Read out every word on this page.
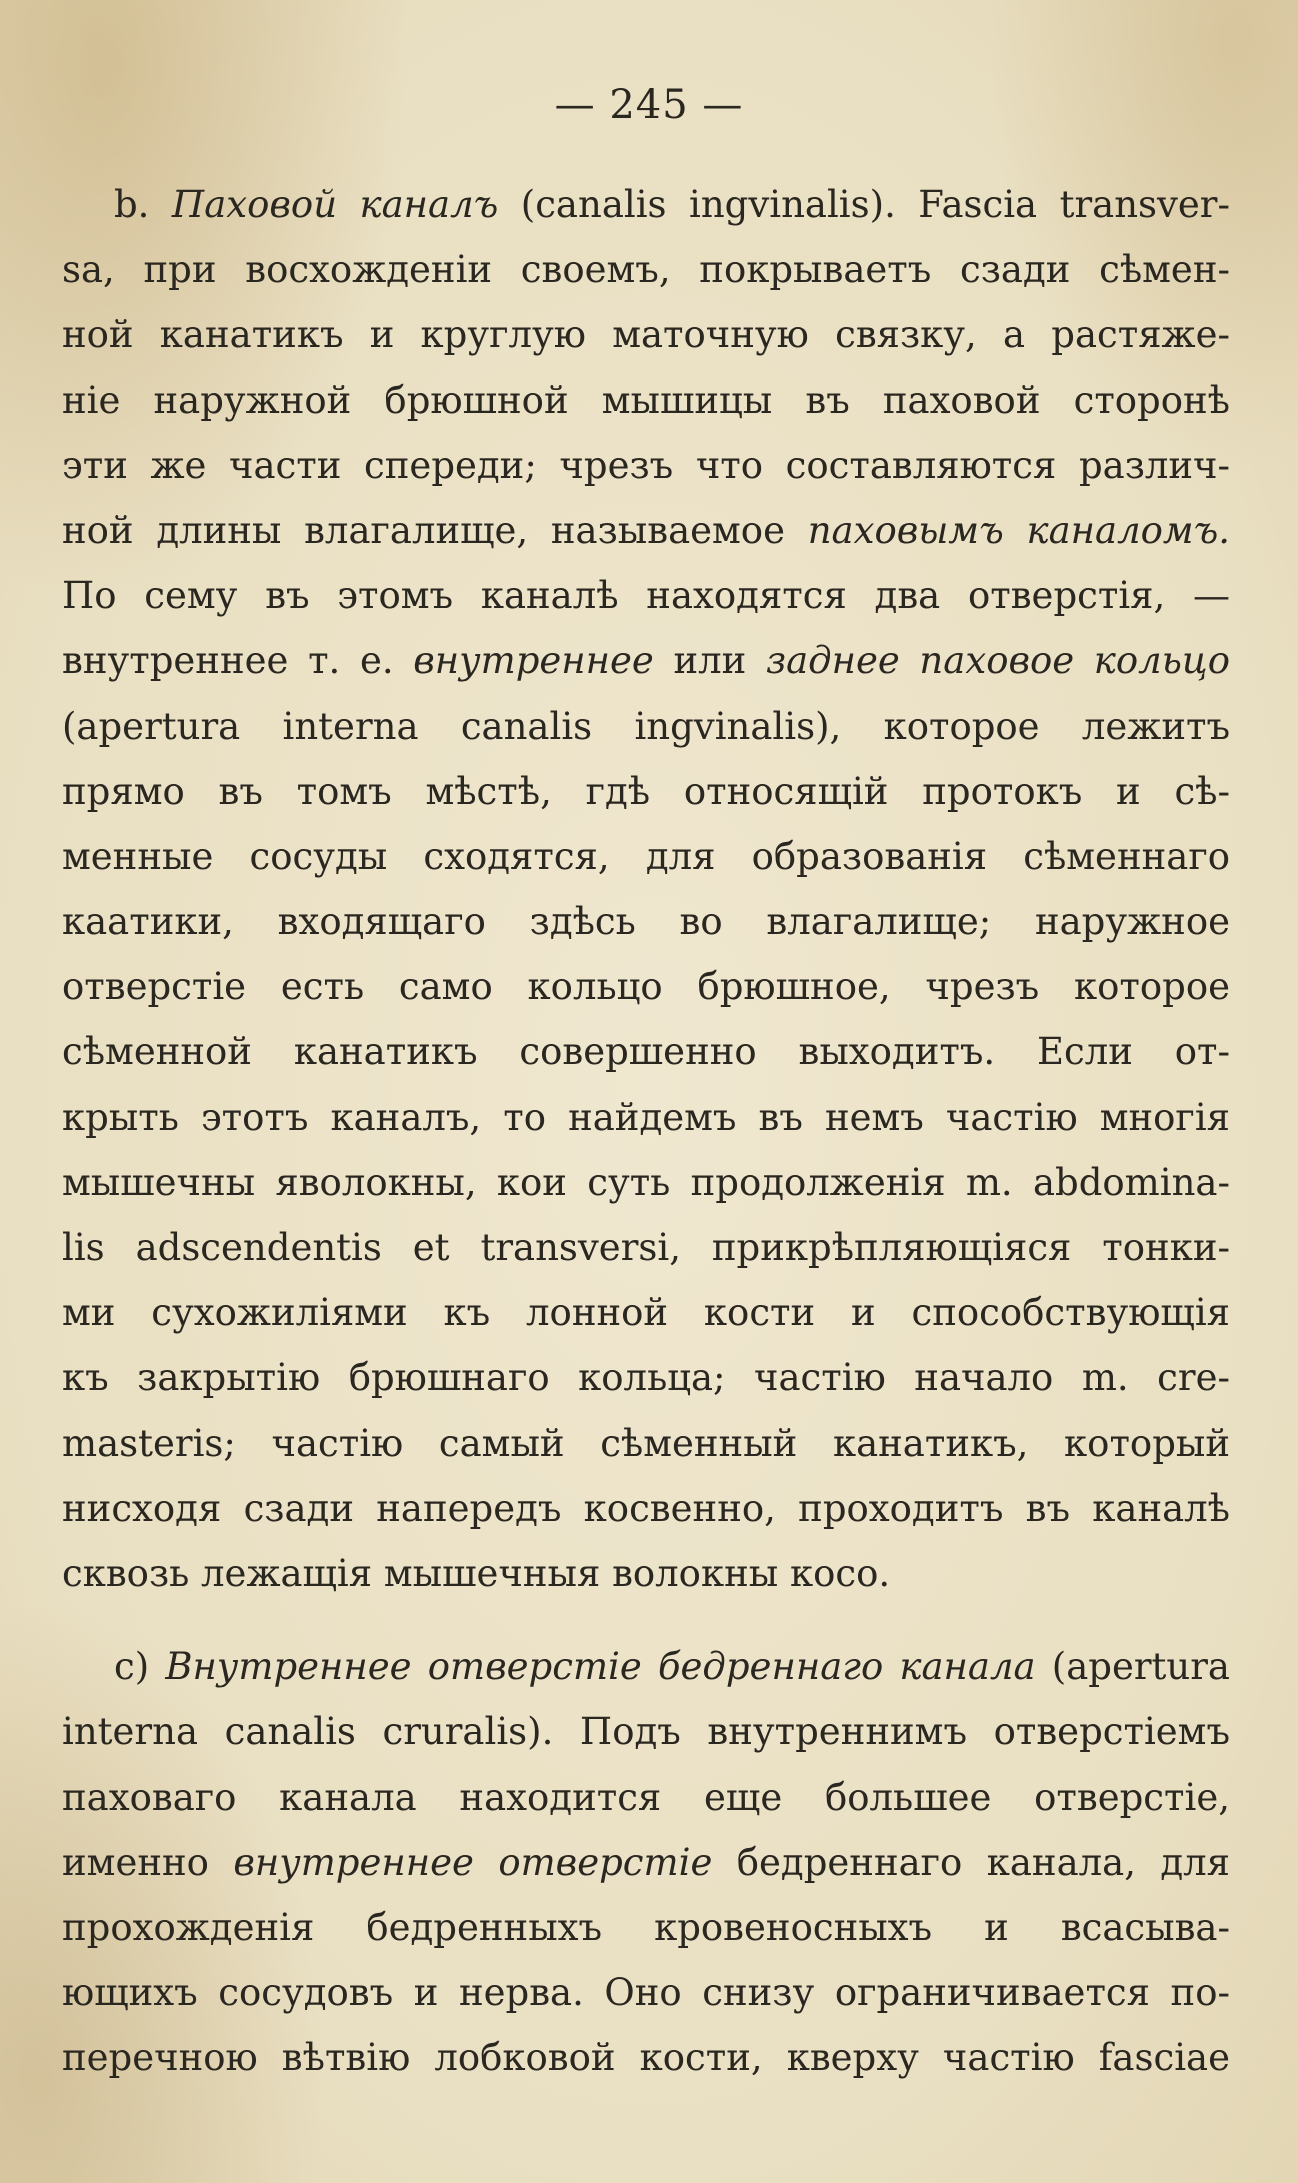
— 245 —
b. Паховой каналъ (canalis ingvinalis). Fascia transver-
sa, при восхожденіи своемъ, покрываетъ сзади сѣмен-
ной канатикъ и круглую маточную связку, а растяже-
ніе наружной брюшной мышицы въ паховой сторонѣ
эти же части спереди; чрезъ что составляются различ-
ной длины влагалище, называемое паховымъ каналомъ.
По сему въ этомъ каналѣ находятся два отверстія, —
внутреннее т. е. внутреннее или заднее паховое кольцо
(apertura interna canalis ingvinalis), которое лежитъ
прямо въ томъ мѣстѣ, гдѣ относящій протокъ и сѣ-
менные сосуды сходятся, для образованія сѣменнаго
каатики, входящаго здѣсь во влагалище; наружное
отверстіе есть само кольцо брюшное, чрезъ которое
сѣменной канатикъ совершенно выходитъ. Если от-
крыть этотъ каналъ, то найдемъ въ немъ частію многія
мышечны яволокны, кои суть продолженія m. abdomina-
lis adscendentis et transversi, прикрѣпляющіяся тонки-
ми сухожиліями къ лонной кости и способствующія
къ закрытію брюшнаго кольца; частію начало m. cre-
masteris; частію самый сѣменный канатикъ, который
нисходя сзади напередъ косвенно, проходитъ въ каналѣ
сквозь лежащія мышечныя волокны косо.
c) Внутреннее отверстіе бедреннаго канала (apertura
interna canalis cruralis). Подъ внутреннимъ отверстіемъ
паховаго канала находится еще большее отверстіе,
именно внутреннее отверстіе бедреннаго канала, для
прохожденія бедренныхъ кровеносныхъ и всасыва-
ющихъ сосудовъ и нерва. Оно снизу ограничивается по-
перечною вѣтвію лобковой кости, кверху частію fasciae
